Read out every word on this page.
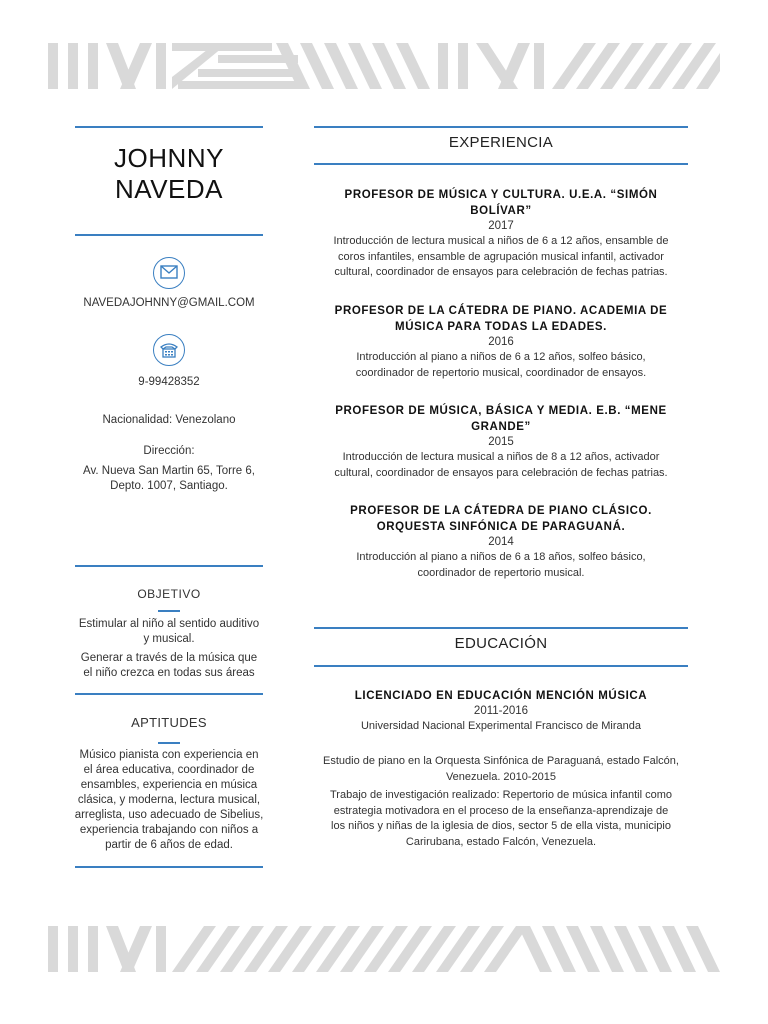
JOHNNY
NAVEDA
NAVEDAJOHNNY@GMAIL.COM
9-99428352
Nacionalidad: Venezolano
Dirección:
Av. Nueva San Martin 65, Torre 6,
Depto. 1007, Santiago.
OBJETIVO
Estimular al niño al sentido auditivo
y musical.
Generar a través de la música que
el niño crezca en todas sus áreas
APTITUDES
Músico pianista con experiencia en
el área educativa, coordinador de
ensambles, experiencia en música
clásica, y moderna, lectura musical,
arreglista, uso adecuado de Sibelius,
experiencia trabajando con niños a
partir de 6 años de edad.
EXPERIENCIA
PROFESOR DE MÚSICA Y CULTURA. U.E.A. “SIMÓN
BOLÍVAR”
2017
Introducción de lectura musical a niños de 6 a 12 años, ensamble de
coros infantiles, ensamble de agrupación musical infantil, activador
cultural, coordinador de ensayos para celebración de fechas patrias.
PROFESOR DE LA CÁTEDRA DE PIANO. ACADEMIA DE
MÚSICA PARA TODAS LA EDADES.
2016
Introducción al piano a niños de 6 a 12 años, solfeo básico,
coordinador de repertorio musical, coordinador de ensayos.
PROFESOR DE MÚSICA, BÁSICA Y MEDIA. E.B. “MENE
GRANDE”
2015
Introducción de lectura musical a niños de 8 a 12 años, activador
cultural, coordinador de ensayos para celebración de fechas patrias.
PROFESOR DE LA CÁTEDRA DE PIANO CLÁSICO.
ORQUESTA SINFÓNICA DE PARAGUANÁ.
2014
Introducción al piano a niños de 6 a 18 años, solfeo básico,
coordinador de repertorio musical.
EDUCACIÓN
LICENCIADO EN EDUCACIÓN MENCIÓN MÚSICA
2011-2016
Universidad Nacional Experimental Francisco de Miranda
Estudio de piano en la Orquesta Sinfónica de Paraguaná, estado Falcón,
Venezuela. 2010-2015
Trabajo de investigación realizado: Repertorio de música infantil como
estrategia motivadora en el proceso de la enseñanza-aprendizaje de
los niños y niñas de la iglesia de dios, sector 5 de ella vista, municipio
Carirubana, estado Falcón, Venezuela.
